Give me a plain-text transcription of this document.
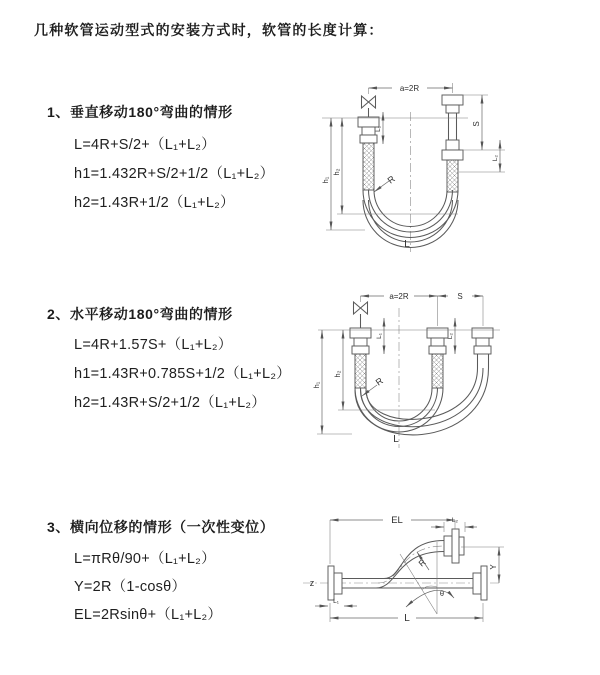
几种软管运动型式的安装方式时，软管的长度计算：
1、垂直移动180°弯曲的情形
L=4R+S/2+（L₁+L₂）
h1=1.432R+S/2+1/2（L₁+L₂）
h2=1.43R+1/2（L₁+L₂）
2、水平移动180°弯曲的情形
L=4R+1.57S+（L₁+L₂）
h1=1.43R+0.785S+1/2（L₁+L₂）
h2=1.43R+S/2+1/2（L₁+L₂）
3、横向位移的情形（一次性变位）
L=πRθ/90+（L₁+L₂）
Y=2R（1-cosθ）
EL=2Rsinθ+（L₁+L₂）
a=2R
h₁
h₂
S
L₂
L₁
R
L
a=2R	S
h₁
h₂
L₁	L₂
R
L
EL	L₂
Y
R
θ
L
L₁
z
